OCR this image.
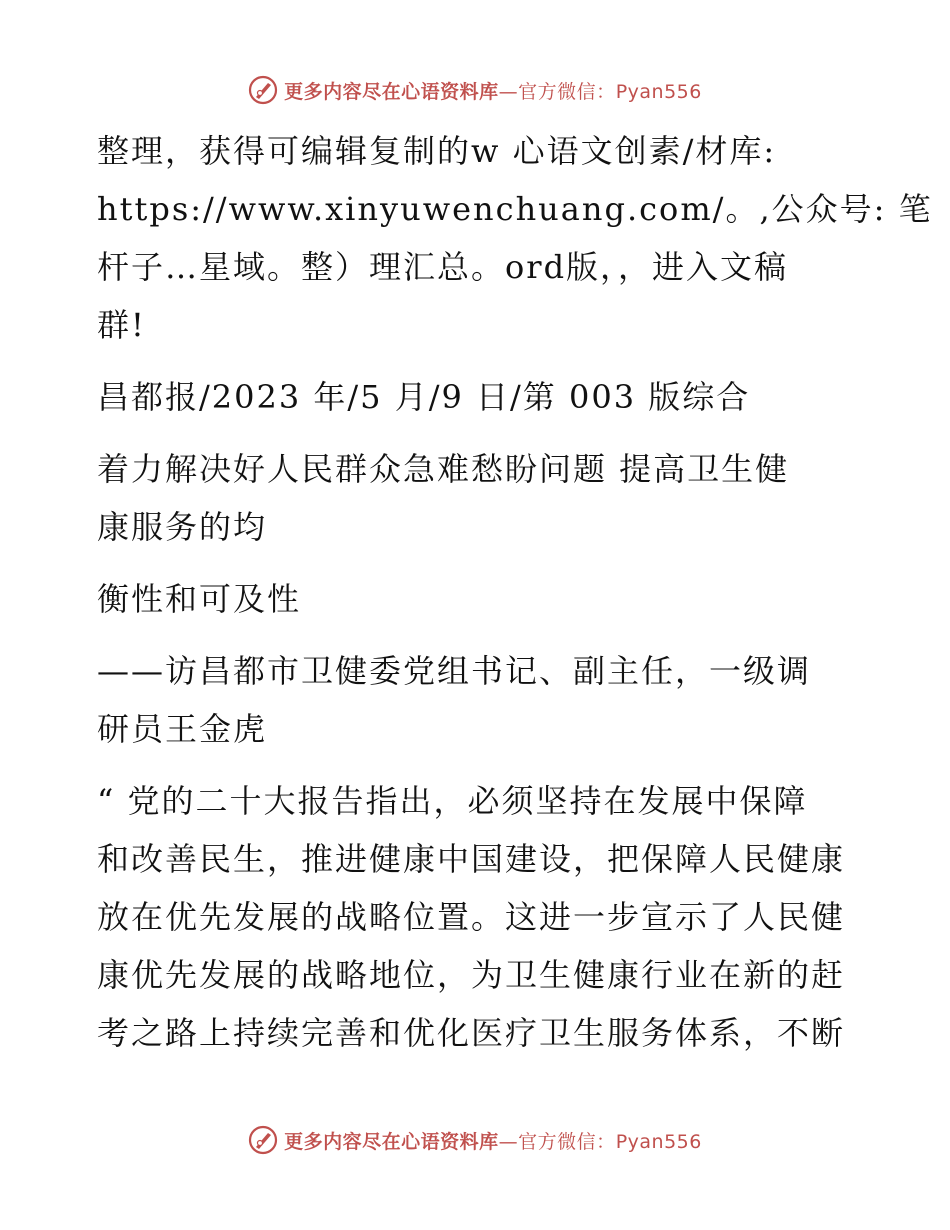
更多内容尽在心语资料库—官方微信：Pyan556

整理，获得可编辑复制的w 心语文创素/材库:
https://www.xinyuwenchuang.com/。,公众号: 笔
杆子…星域。整）理汇总。ord版，，进入文稿
群!

昌都报/2023 年/5 月/9 日/第 003 版综合

着力解决好人民群众急难愁盼问题 提高卫生健
康服务的均

衡性和可及性

——访昌都市卫健委党组书记、副主任，一级调
研员王金虎

“ 党的二十大报告指出，必须坚持在发展中保障
和改善民生，推进健康中国建设，把保障人民健康
放在优先发展的战略位置。这进一步宣示了人民健
康优先发展的战略地位，为卫生健康行业在新的赶
考之路上持续完善和优化医疗卫生服务体系，不断

更多内容尽在心语资料库—官方微信：Pyan556
